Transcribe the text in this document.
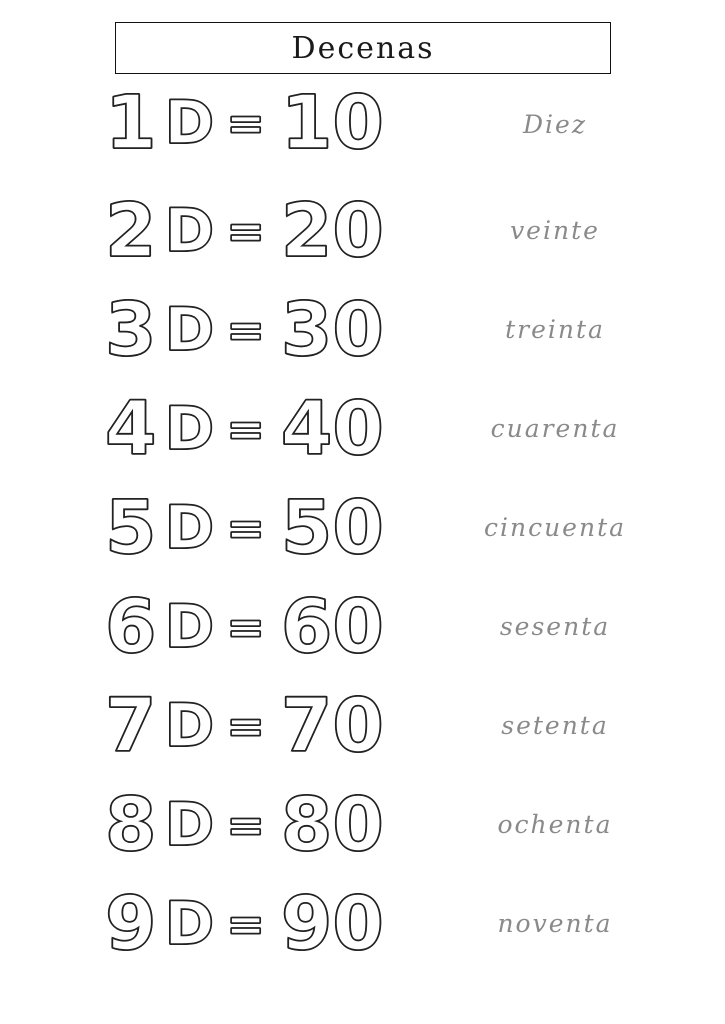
Decenas
1 D = 10	Diez
2 D = 20	veinte
3 D = 30	treinta
4 D = 40	cuarenta
5 D = 50	cincuenta
6 D = 60	sesenta
7 D = 70	setenta
8 D = 80	ochenta
9 D = 90	noventa
